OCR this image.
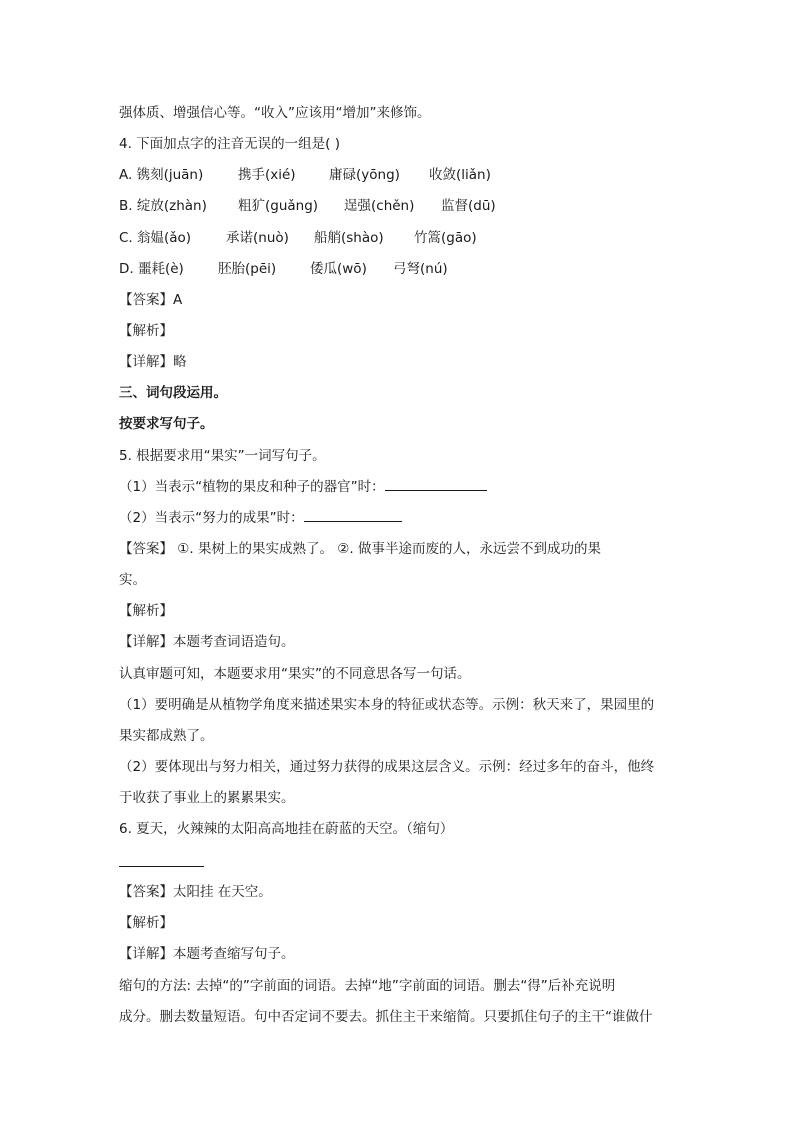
强体质、增强信心等。“收入”应该用“增加”来修饰。
4. 下面加点字的注音无误的一组是( )
A. 镌刻(juān)	携手(xié) 庸碌(yōng) 收敛(liǎn)
B. 绽放(zhàn) 粗犷(guǎng) 逞强(chěn) 监督(dū)
C. 翁媪(ǎo)	承诺(nuò) 船艄(shào) 竹篙(gāo)
D. 噩耗(è)	胚胎(pēi)	倭瓜(wō) 弓弩(nú)
【答案】A
【解析】
【详解】略
三、词句段运用。
按要求写句子。
5. 根据要求用“果实”一词写句子。
（1）当表示“植物的果皮和种子的器官”时：
（2）当表示“努力的成果”时：
【答案】 ①. 果树上的果实成熟了。 ②. 做事半途而废的人，永远尝不到成功的果
实。
【解析】
【详解】本题考查词语造句。
认真审题可知，本题要求用“果实”的不同意思各写一句话。
（1）要明确是从植物学角度来描述果实本身的特征或状态等。示例：秋天来了，果园里的
果实都成熟了。
（2）要体现出与努力相关，通过努力获得的成果这层含义。示例：经过多年的奋斗，他终
于收获了事业上的累累果实。
6. 夏天，火辣辣的太阳高高地挂在蔚蓝的天空。（缩句）
【答案】太阳挂 在天空。
【解析】
【详解】本题考查缩写句子。
缩句的方法: 去掉“的”字前面的词语。去掉“地”字前面的词语。删去“得”后补充说明
成分。删去数量短语。句中否定词不要去。抓住主干来缩简。只要抓住句子的主干“谁做什
